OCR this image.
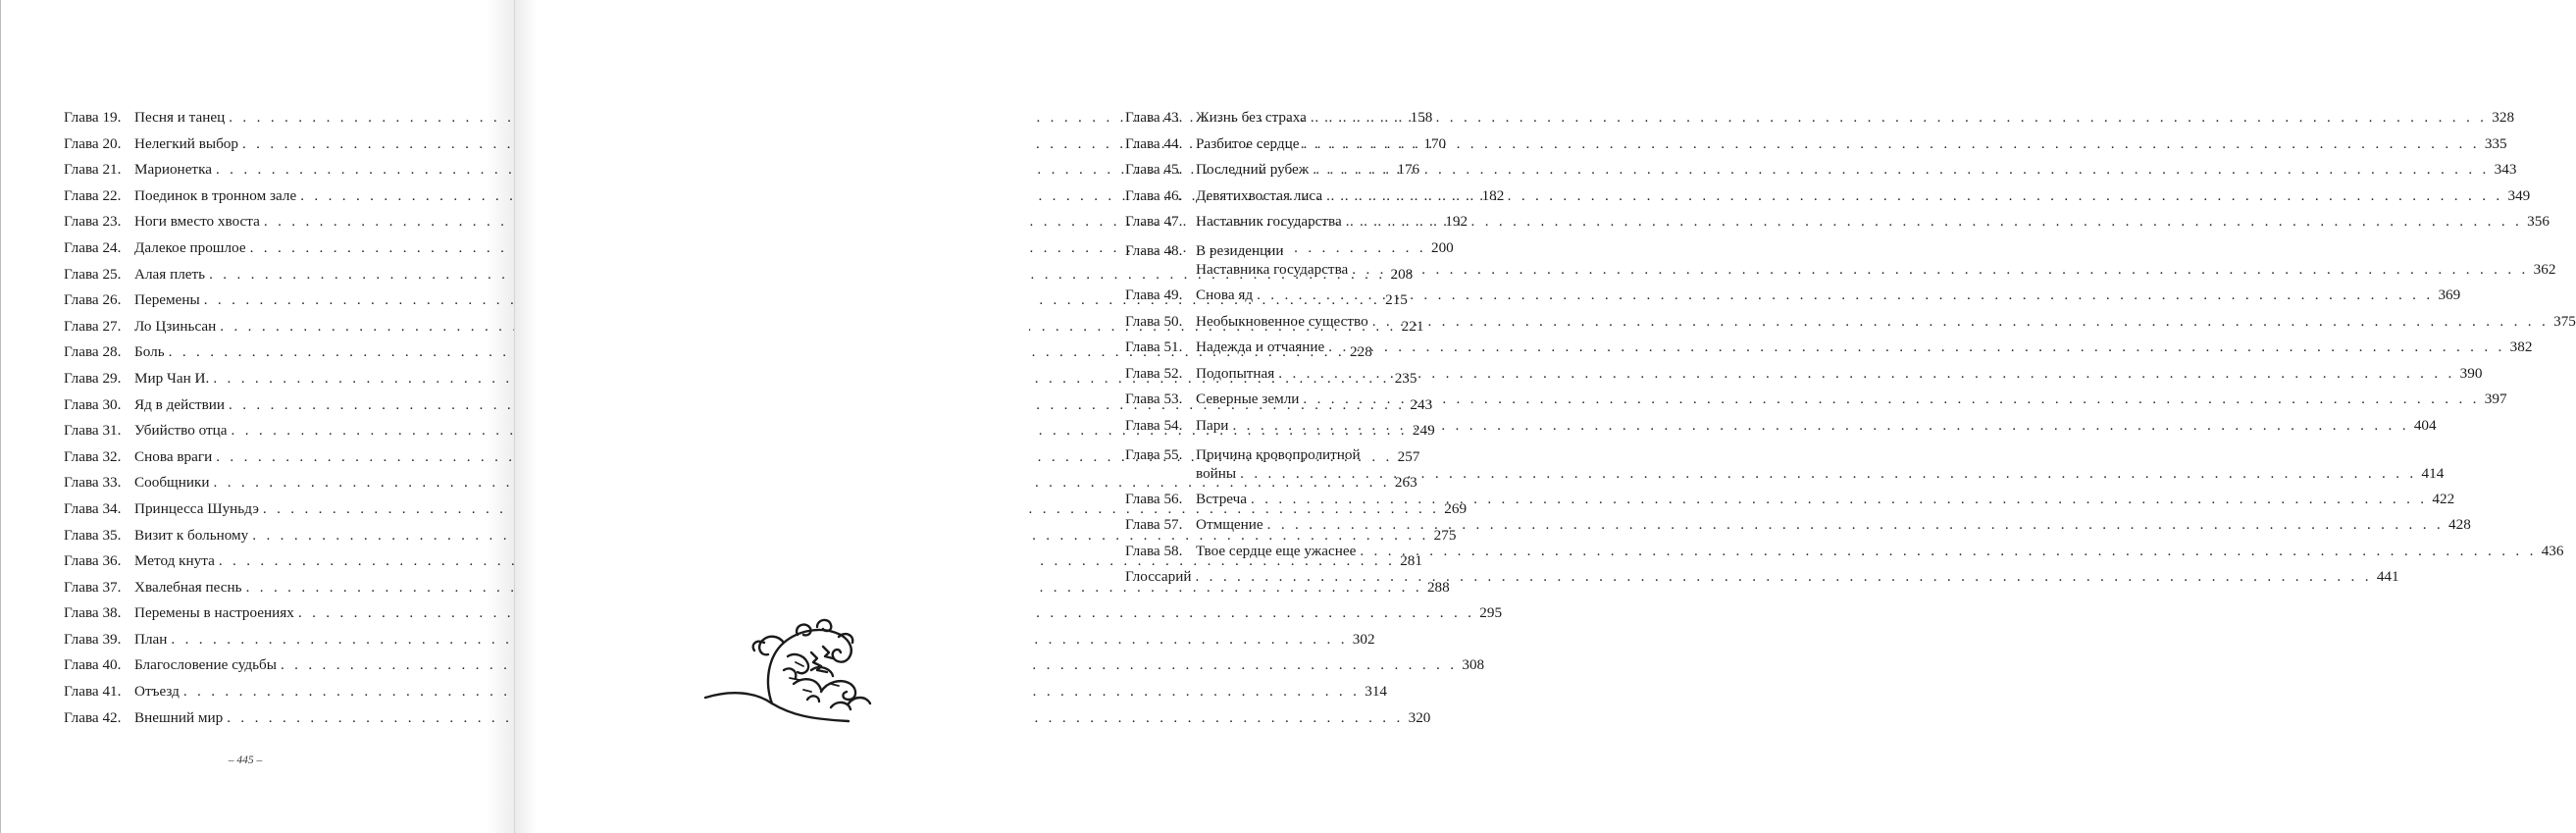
Глава 19. Песня и танец . . .	158
Глава 20. Нелегкий выбор . . .	170
Глава 21. Марионетка . . .	176
Глава 22. Поединок в тронном зале . . .	182
Глава 23. Ноги вместо хвоста . . .	192
Глава 24. Далекое прошлое . . .	200
Глава 25. Алая плеть . . .	208
Глава 26. Перемены . . .	215
Глава 27. Ло Цзиньсан . . .	221
Глава 28. Боль . . .	228
Глава 29. Мир Чан И. . . .	235
Глава 30. Яд в действии . . .	243
Глава 31. Убийство отца . . .	249
Глава 32. Снова враги . . .	257
Глава 33. Сообщники . . .	263
Глава 34. Принцесса Шуньдэ . . .	269
Глава 35. Визит к больному . . .	275
Глава 36. Метод кнута . . .	281
Глава 37. Хвалебная песнь . . .	288
Глава 38. Перемены в настроениях . . .	295
Глава 39. План . . .	302
Глава 40. Благословение судьбы . . .	308
Глава 41. Отъезд . . .	314
Глава 42. Внешний мир . . .	320
– 445 –
Глава 43. Жизнь без страха . . .	328
Глава 44. Разбитое сердце . . .	335
Глава 45. Последний рубеж . . .	343
Глава 46. Девятихвостая лиса . . .	349
Глава 47. Наставник государства . . .	356
Глава 48. В резиденции
Наставника государства . . .	362
Глава 49. Снова яд . . .	369
Глава 50. Необыкновенное существо . . .	375
Глава 51. Надежда и отчаяние . . .	382
Глава 52. Подопытная . . .	390
Глава 53. Северные земли . . .	397
Глава 54. Пари . . .	404
Глава 55. Причина кровопролитной
войны . . .	414
Глава 56. Встреча . . .	422
Глава 57. Отмщение . . .	428
Глава 58. Твое сердце еще ужаснее . . .	436
Глоссарий . . .	441
